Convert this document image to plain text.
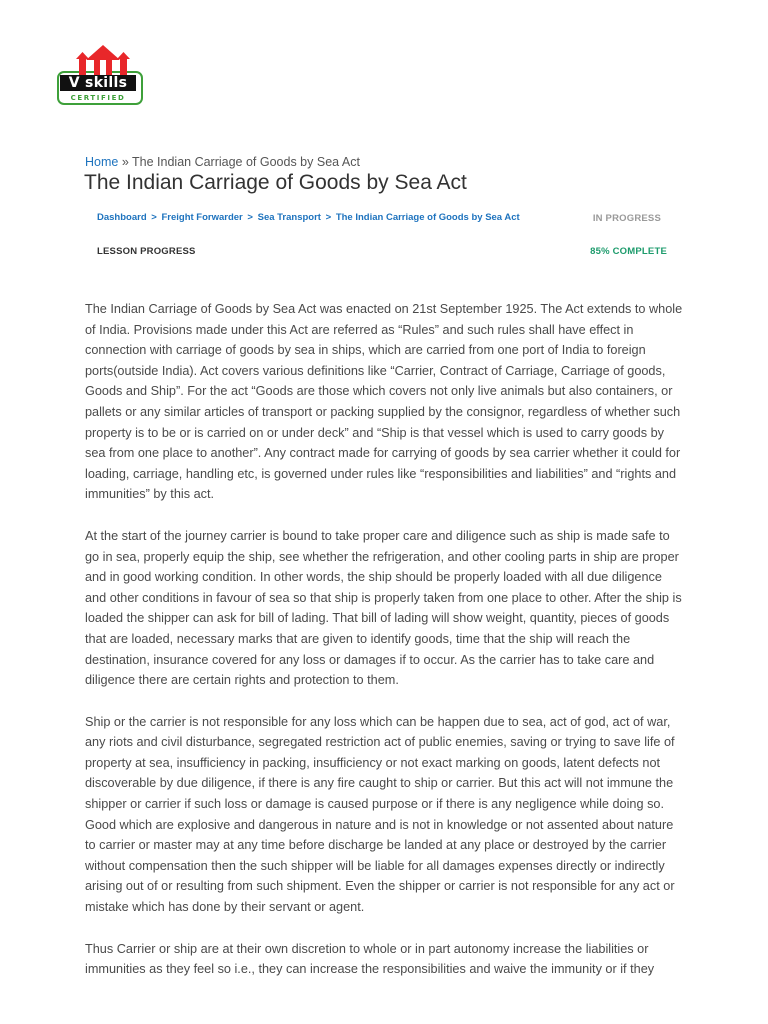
V skills
CERTIFIED
Home » The Indian Carriage of Goods by Sea Act
The Indian Carriage of Goods by Sea Act
Dashboard > Freight Forwarder > Sea Transport > The Indian Carriage of Goods by Sea Act	IN PROGRESS
LESSON PROGRESS	85% COMPLETE

The Indian Carriage of Goods by Sea Act was enacted on 21st September 1925. The Act extends to whole of India. Provisions made under this Act are referred as “Rules” and such rules shall have effect in connection with carriage of goods by sea in ships, which are carried from one port of India to foreign ports(outside India). Act covers various definitions like “Carrier, Contract of Carriage, Carriage of goods, Goods and Ship”. For the act “Goods are those which covers not only live animals but also containers, or pallets or any similar articles of transport or packing supplied by the consignor, regardless of whether such property is to be or is carried on or under deck” and “Ship is that vessel which is used to carry goods by sea from one place to another”. Any contract made for carrying of goods by sea carrier whether it could for loading, carriage, handling etc, is governed under rules like “responsibilities and liabilities” and “rights and immunities” by this act.

At the start of the journey carrier is bound to take proper care and diligence such as ship is made safe to go in sea, properly equip the ship, see whether the refrigeration, and other cooling parts in ship are proper and in good working condition. In other words, the ship should be properly loaded with all due diligence and other conditions in favour of sea so that ship is properly taken from one place to other. After the ship is loaded the shipper can ask for bill of lading. That bill of lading will show weight, quantity, pieces of goods that are loaded, necessary marks that are given to identify goods, time that the ship will reach the destination, insurance covered for any loss or damages if to occur. As the carrier has to take care and diligence there are certain rights and protection to them.

Ship or the carrier is not responsible for any loss which can be happen due to sea, act of god, act of war, any riots and civil disturbance, segregated restriction act of public enemies, saving or trying to save life of property at sea, insufficiency in packing, insufficiency or not exact marking on goods, latent defects not discoverable by due diligence, if there is any fire caught to ship or carrier. But this act will not immune the shipper or carrier if such loss or damage is caused purpose or if there is any negligence while doing so. Good which are explosive and dangerous in nature and is not in knowledge or not assented about nature to carrier or master may at any time before discharge be landed at any place or destroyed by the carrier without compensation then the such shipper will be liable for all damages expenses directly or indirectly arising out of or resulting from such shipment. Even the shipper or carrier is not responsible for any act or mistake which has done by their servant or agent.

Thus Carrier or ship are at their own discretion to whole or in part autonomy increase the liabilities or immunities as they feel so i.e., they can increase the responsibilities and waive the immunity or if they
